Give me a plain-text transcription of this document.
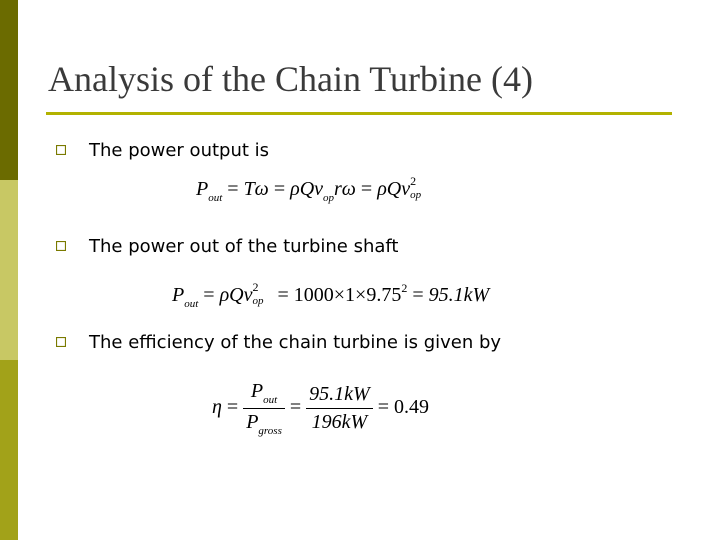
Analysis of the Chain Turbine (4)
The power output is
$P_{out} = T\omega = \rho Qv_{op}r\omega = \rho Qv$ 2
op
The power out of the turbine shaft
$P_{out} = \rho Qv$ 2
op = $1000\times 1\times 9.75^2 = 95.1kW$
The efficiency of the chain turbine is given by
$\eta = \frac{P_{out}}{P_{gross}} = \frac{95.1kW}{196kW} = 0.49$
